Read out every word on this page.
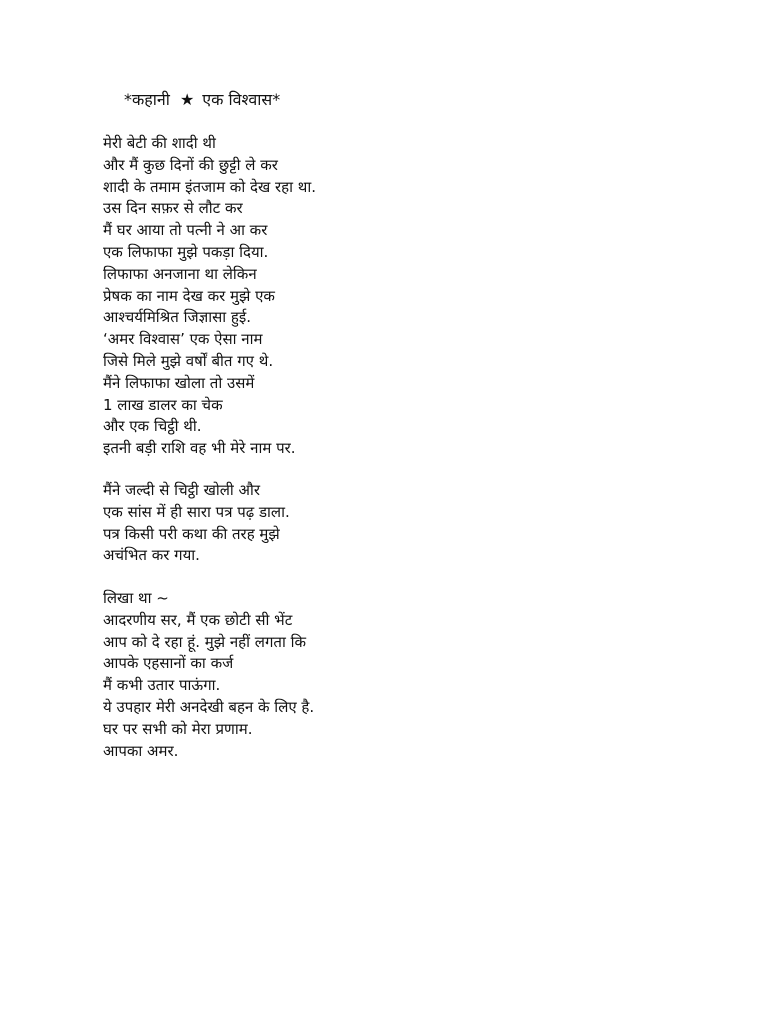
*कहानी ★ एक विश्वास*
मेरी बेटी की शादी थी
और मैं कुछ दिनों की छुट्टी ले कर
शादी के तमाम इंतजाम को देख रहा था.
उस दिन सफ़र से लौट कर
मैं घर आया तो पत्नी ने आ कर
एक लिफाफा मुझे पकड़ा दिया.
लिफाफा अनजाना था लेकिन
प्रेषक का नाम देख कर मुझे एक
आश्चर्यमिश्रित जिज्ञासा हुई.
‘अमर विश्वास’ एक ऐसा नाम
जिसे मिले मुझे वर्षों बीत गए थे.
मैंने लिफाफा खोला तो उसमें
1 लाख डालर का चेक
और एक चिट्ठी थी.
इतनी बड़ी राशि वह भी मेरे नाम पर.
मैंने जल्दी से चिट्ठी खोली और
एक सांस में ही सारा पत्र पढ़ डाला.
पत्र किसी परी कथा की तरह मुझे
अचंभित कर गया.
लिखा था ~
आदरणीय सर, मैं एक छोटी सी भेंट
आप को दे रहा हूं. मुझे नहीं लगता कि
आपके एहसानों का कर्ज
मैं कभी उतार पाऊंगा.
ये उपहार मेरी अनदेखी बहन के लिए है.
घर पर सभी को मेरा प्रणाम.
आपका अमर.
